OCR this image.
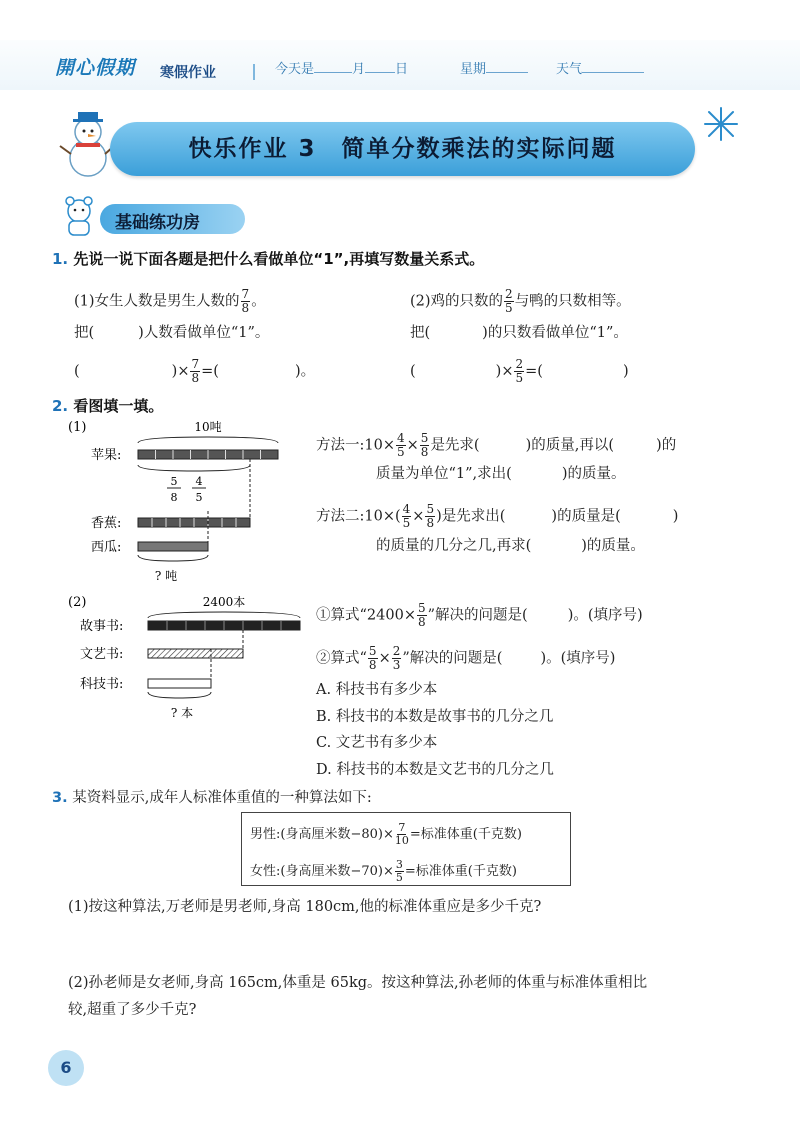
開心假期 寒假作业	今天是	月 日	星期	天气
快乐作业 3　简单分数乘法的实际问题
基础练功房
1. 先说一说下面各题是把什么看做单位“1”,再填写数量关系式。
(1)女生人数是男生人数的 $\frac{7}{8}$ 。
把(	)人数看做单位“1”。
(	)× $\frac{7}{8}$ =(	)。
(2)鸡的只数的 $\frac{2}{5}$ 与鸭的只数相等。
把(	)的只数看做单位“1”。
(	)× $\frac{2}{5}$ =(	)
2. 看图填一填。
(1)	10吨
苹果:
5
8
4
5
香蕉:
西瓜:
? 吨
方法一:10× $\frac{4}{5} \times \frac{5}{8}$ 是先求(	)的质量,再以(	)的
质量为单位“1”,求出(	)的质量。
方法二:10×( $\frac{4}{5} \times \frac{5}{8}$ )是先求出(	)的质量是(	)
的质量的几分之几,再求(	)的质量。
(2)	2400本
故事书:
文艺书:
科技书:
? 本
①算式“$2400\times \frac{5}{8}$ ”解决的问题是(	)。(填序号)
②算式“ $\frac{5}{8} \times \frac{2}{3}$ ”解决的问题是(	)。(填序号)
A. 科技书有多少本
B. 科技书的本数是故事书的几分之几
C. 文艺书有多少本
D. 科技书的本数是文艺书的几分之几
3. 某资料显示,成年人标准体重值的一种算法如下:
男性:(身高厘米数$-80)\times \frac{7}{10}$ =标准体重(千克数)
女性:(身高厘米数$-70)\times \frac{3}{5}$ =标准体重(千克数)
(1)按这种算法,万老师是男老师,身高 180cm,他的标准体重应是多少千克?
(2)孙老师是女老师,身高 165cm,体重是 65kg。按这种算法,孙老师的体重与标准体重相比
较,超重了多少千克?
6
